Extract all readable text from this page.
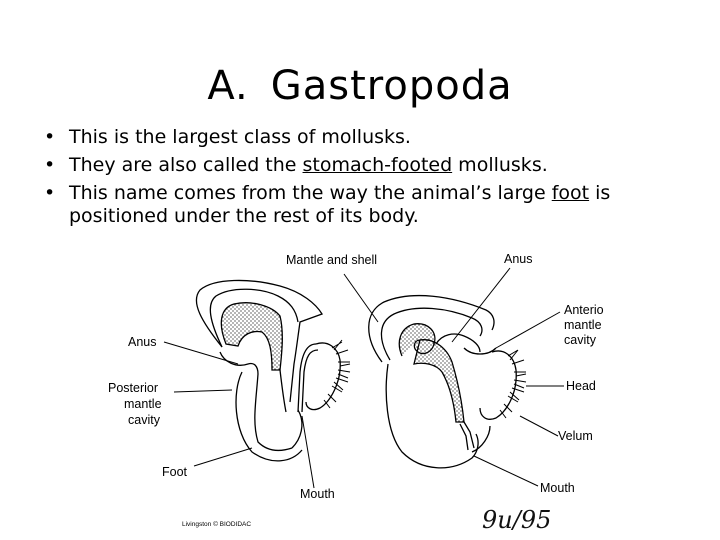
A. Gastropoda
• This is the largest class of mollusks.
• They are also called the stomach-footed mollusks.
• This name comes from the way the animal’s large foot is positioned under the rest of its body.
Mantle and shell	Anus
Anterio
mantle
cavity
Head
Velum
Mouth
Anus
Posterior
mantle
cavity
Foot
Mouth
9u/95
Livingston © BIODIDAC
